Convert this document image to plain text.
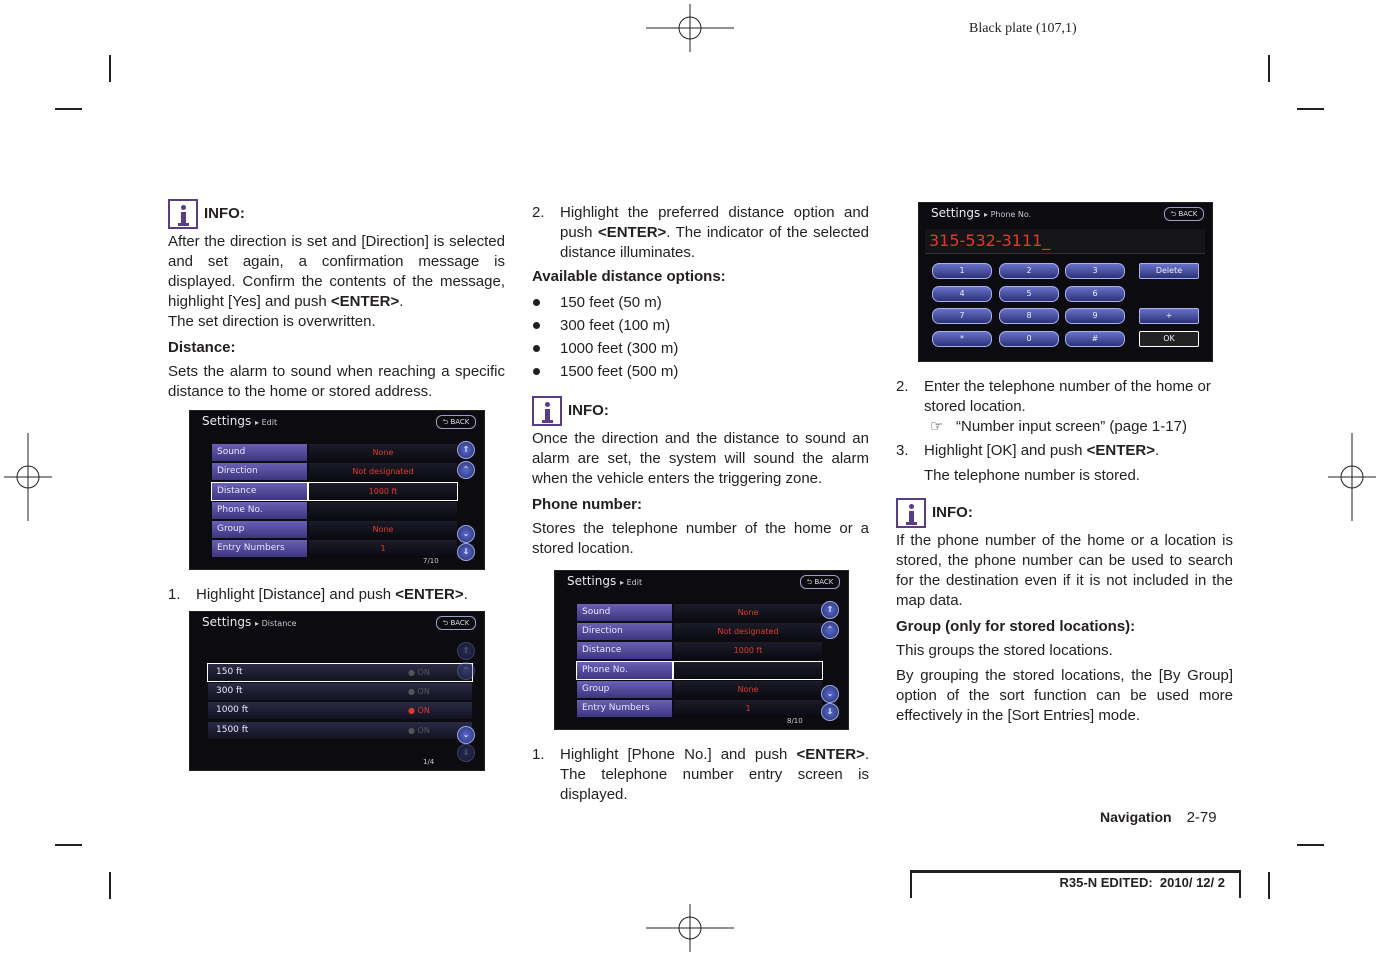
Black plate (107,1)
INFO:

After the direction is set and [Direction] is selected and set again, a confirmation message is displayed. Confirm the contents of the message, highlight [Yes] and push <ENTER>.

The set direction is overwritten.

Distance:

Sets the alarm to sound when reaching a specific distance to the home or stored address.

Settings ▸ Edit	⮌ BACK
Sound	None
Direction	Not designated
Distance	1000 ft
Phone No.
Group	None
Entry Numbers	1
⇑
⌃
⌄
⇓
7/10
1.	Highlight [Distance] and push <ENTER>.
Settings ▸ Distance	⮌ BACK
150 ft	● ON
300 ft	● ON
1000 ft	● ON
1500 ft	● ON
⇑
⌃
⌄
⇓
1/4
2.	Highlight the preferred distance option and push <ENTER>. The indicator of the selected distance illuminates.
Available distance options:
150 feet (50 m)
300 feet (100 m)
1000 feet (300 m)
1500 feet (500 m)
INFO:

Once the direction and the distance to sound an alarm are set, the system will sound the alarm when the vehicle enters the triggering zone.

Phone number:

Stores the telephone number of the home or a stored location.

Settings ▸ Edit	⮌ BACK
Sound	None
Direction	Not designated
Distance	1000 ft
Phone No.
Group	None
Entry Numbers	1
⇑
⌃
⌄
⇓
8/10
1.	Highlight [Phone No.] and push <ENTER>. The telephone number entry screen is displayed.
Settings ▸ Phone No.	⮌ BACK
315-532-3111_
1	2	3	Delete
4	5	6
7	8	9	+
*	0	#	OK
2.	Enter the telephone number of the home or stored location.
☞ “Number input screen” (page 1-17)
3.	Highlight [OK] and push <ENTER>.

The telephone number is stored.

INFO:

If the phone number of the home or a location is stored, the phone number can be used to search for the destination even if it is not included in the map data.

Group (only for stored locations):

This groups the stored locations.

By grouping the stored locations, the [By Group] option of the sort function can be used more effectively in the [Sort Entries] mode.

Navigation 2-79
R35-N EDITED:  2010/ 12/ 2
